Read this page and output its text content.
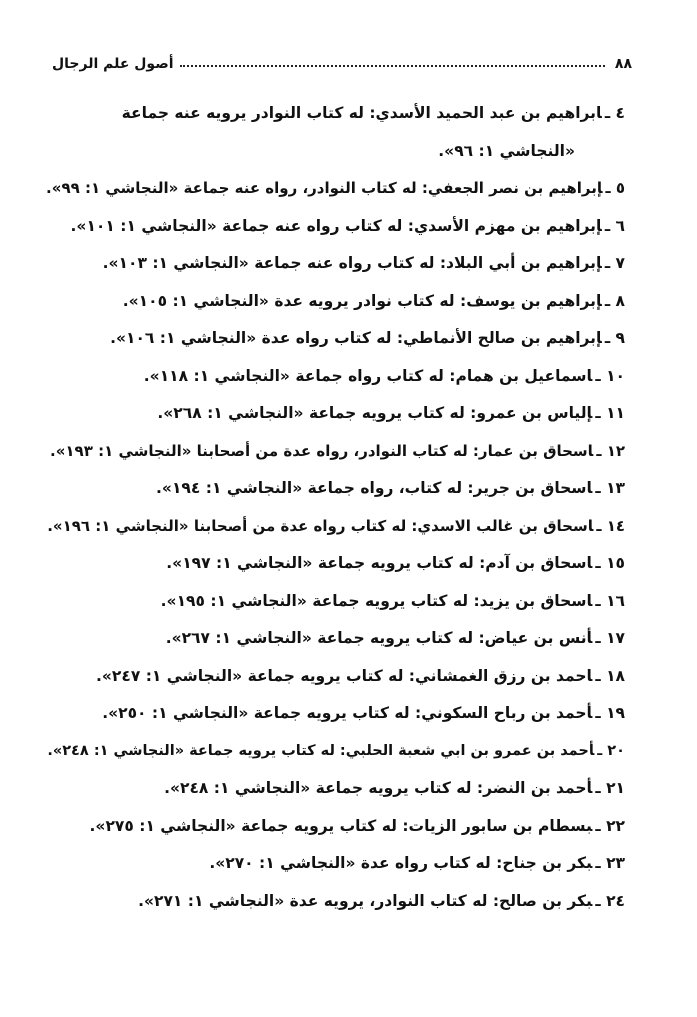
٨٨
أصول علم الرجال
٤ ـابراهيم بن عبد الحميد الأسدي: له كتاب النوادر يرويه عنه جماعة
«النجاشي ١: ٩٦».
٥ ـإبراهيم بن نصر الجعفي: له كتاب النوادر، رواه عنه جماعة «النجاشي ١: ٩٩».
٦ ـإبراهيم بن مهزم الأسدي: له كتاب رواه عنه جماعة «النجاشي ١: ١٠١».
٧ ـإبراهيم بن أبي البلاد: له كتاب رواه عنه جماعة «النجاشي ١: ١٠٣».
٨ ـإبراهيم بن يوسف: له كتاب نوادر يرويه عدة «النجاشي ١: ١٠٥».
٩ ـإبراهيم بن صالح الأنماطي: له كتاب رواه عدة «النجاشي ١: ١٠٦».
١٠ ـاسماعيل بن همام: له كتاب رواه جماعة «النجاشي ١: ١١٨».
١١ ـإلياس بن عمرو: له كتاب يرويه جماعة «النجاشي ١: ٢٦٨».
١٢ ـاسحاق بن عمار: له كتاب النوادر، رواه عدة من أصحابنا «النجاشي ١: ١٩٣».
١٣ ـاسحاق بن جرير: له كتاب، رواه جماعة «النجاشي ١: ١٩٤».
١٤ ـاسحاق بن غالب الاسدي: له كتاب رواه عدة من أصحابنا «النجاشي ١: ١٩٦».
١٥ ـاسحاق بن آدم: له كتاب يرويه جماعة «النجاشي ١: ١٩٧».
١٦ ـاسحاق بن يزيد: له كتاب يرويه جماعة «النجاشي ١: ١٩٥».
١٧ ـأنس بن عياض: له كتاب يرويه جماعة «النجاشي ١: ٢٦٧».
١٨ ـاحمد بن رزق الغمشاني: له كتاب يرويه جماعة «النجاشي ١: ٢٤٧».
١٩ ـأحمد بن رباح السكوني: له كتاب يرويه جماعة «النجاشي ١: ٢٥٠».
٢٠ ـأحمد بن عمرو بن ابي شعبة الحلبي: له كتاب يرويه جماعة «النجاشي ١: ٢٤٨».
٢١ ـأحمد بن النضر: له كتاب يرويه جماعة «النجاشي ١: ٢٤٨».
٢٢ ـبسطام بن سابور الزيات: له كتاب يرويه جماعة «النجاشي ١: ٢٧٥».
٢٣ ـبكر بن جناح: له كتاب رواه عدة «النجاشي ١: ٢٧٠».
٢٤ ـبكر بن صالح: له كتاب النوادر، يرويه عدة «النجاشي ١: ٢٧١».
